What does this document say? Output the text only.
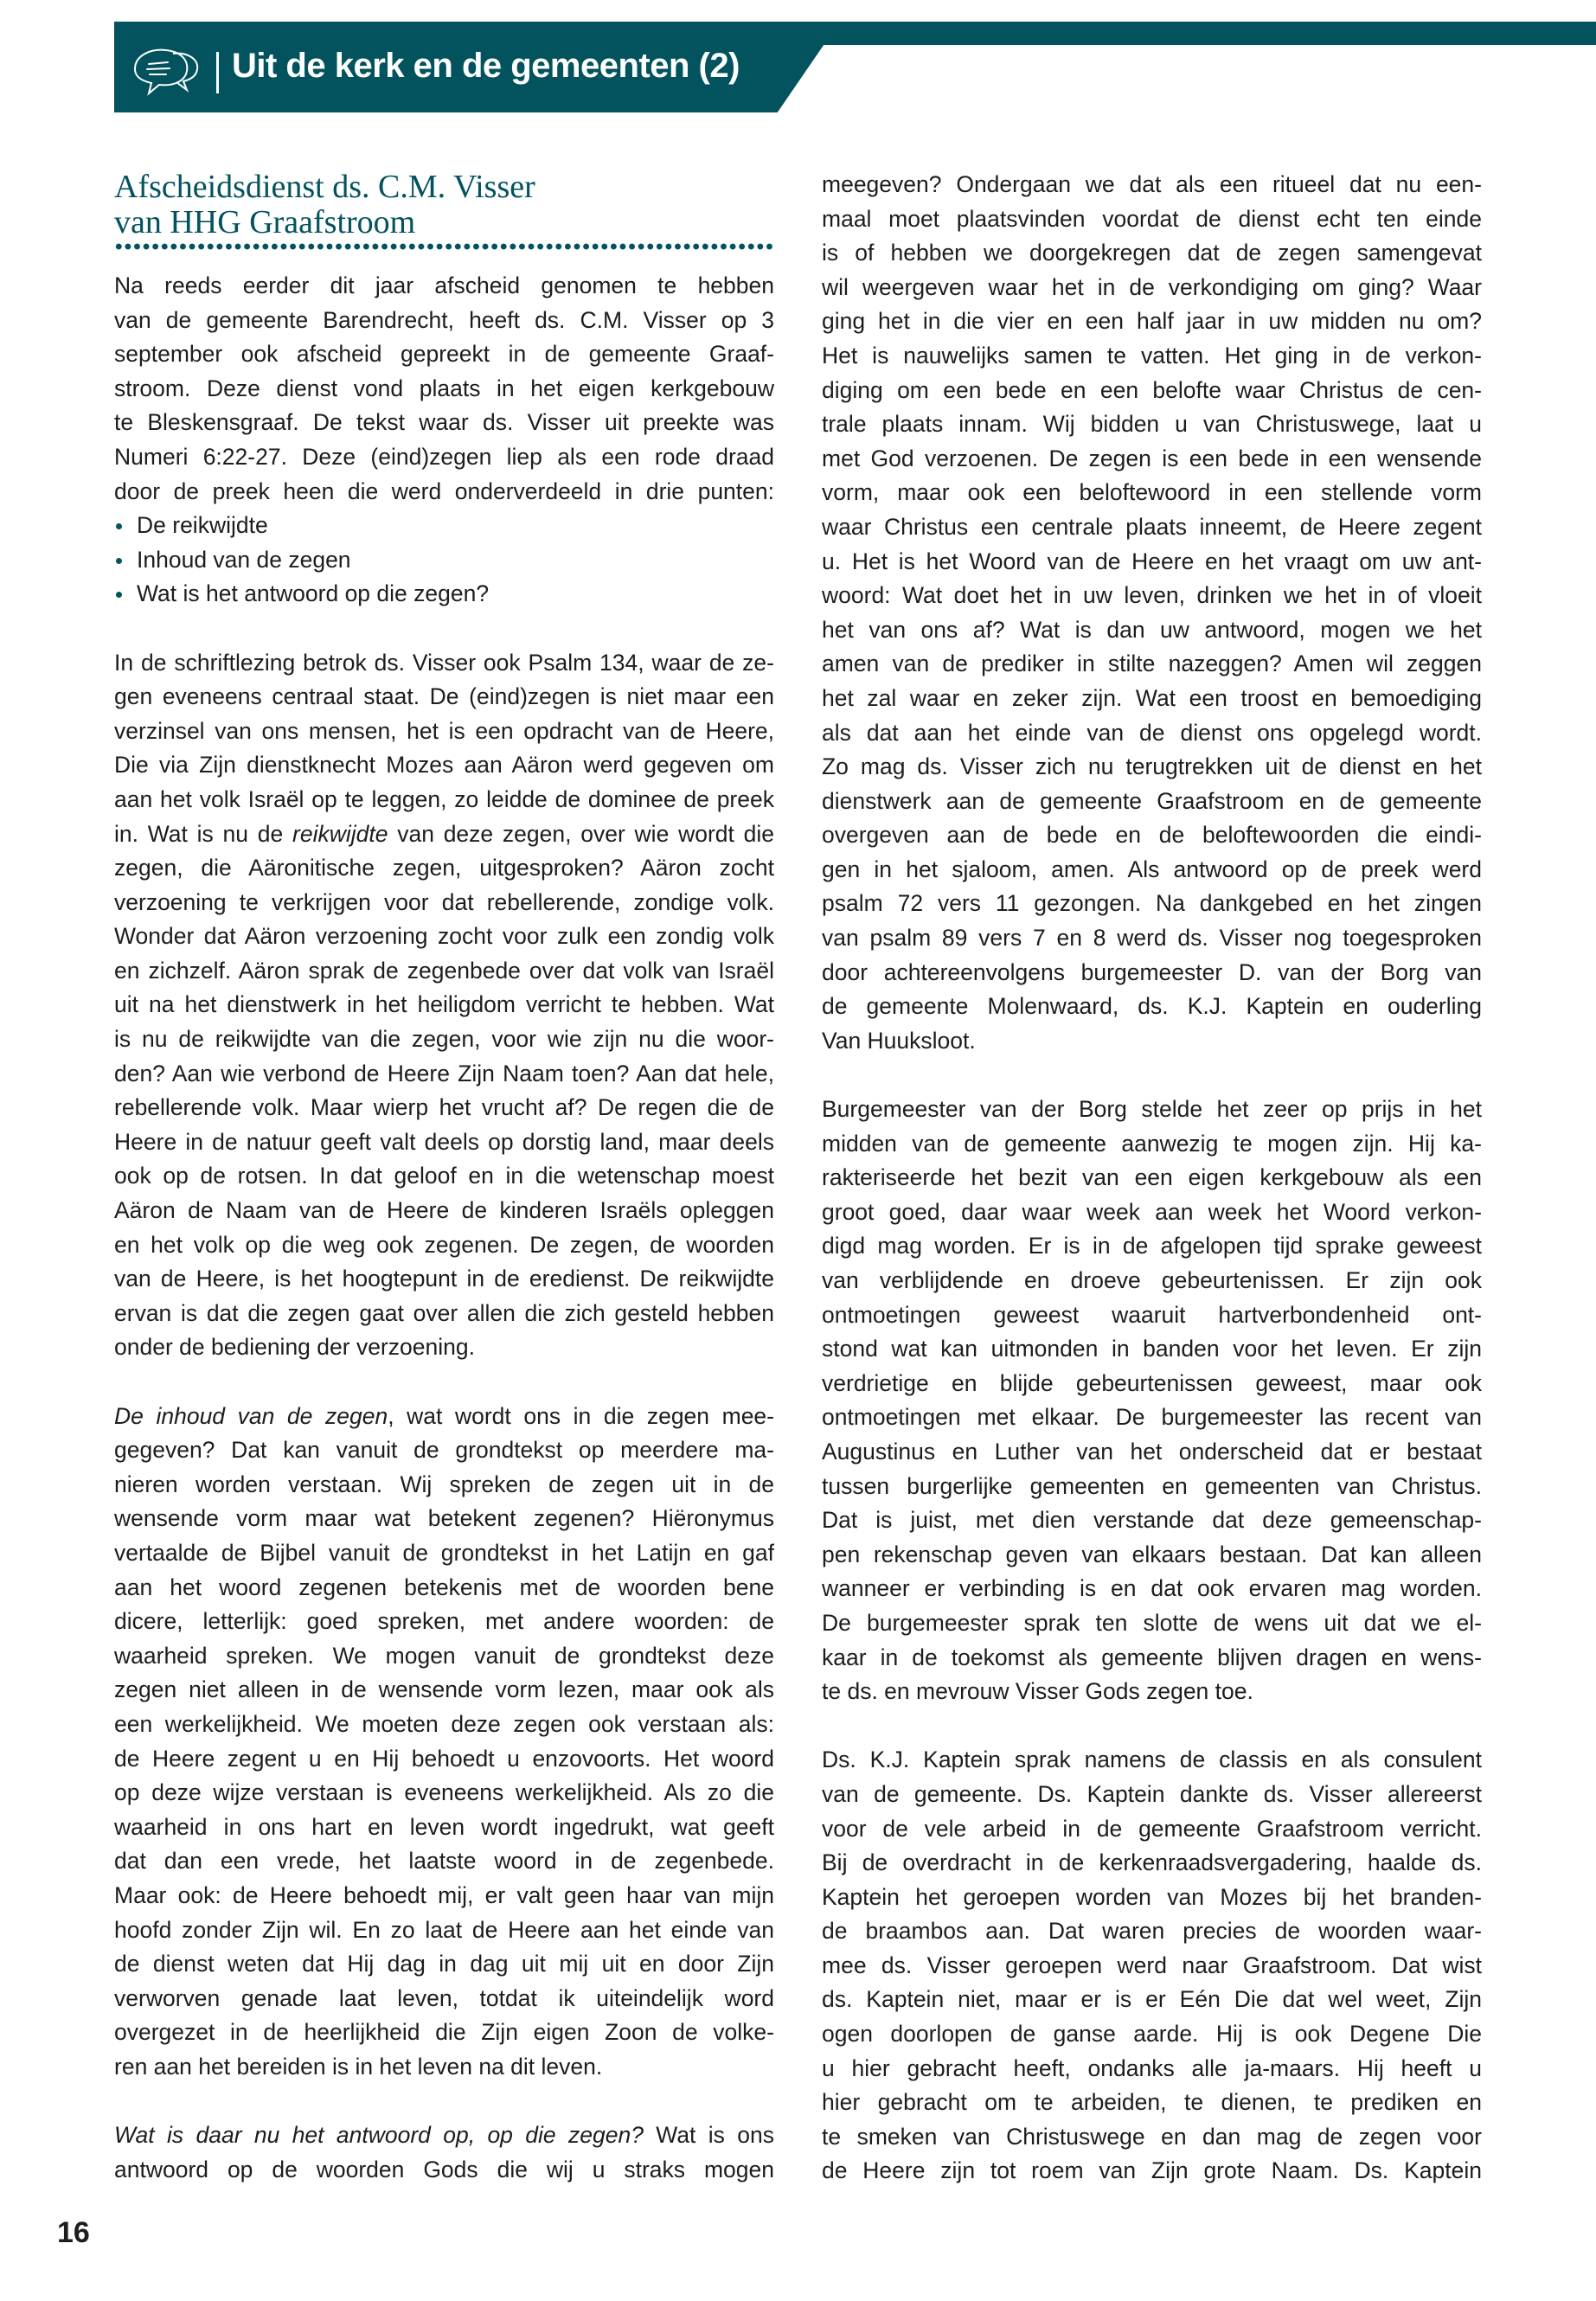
Uit de kerk en de gemeenten (2)
Afscheidsdienst ds. C.M. Visser
van HHG Graafstroom
Na reeds eerder dit jaar afscheid genomen te hebben
van de gemeente Barendrecht, heeft ds. C.M. Visser op 3
september ook afscheid gepreekt in de gemeente Graaf-
stroom. Deze dienst vond plaats in het eigen kerkgebouw
te Bleskensgraaf. De tekst waar ds. Visser uit preekte was
Numeri 6:22-27. Deze (eind)zegen liep als een rode draad
door de preek heen die werd onderverdeeld in drie punten:
De reikwijdte
Inhoud van de zegen
Wat is het antwoord op die zegen?
In de schriftlezing betrok ds. Visser ook Psalm 134, waar de ze-
gen eveneens centraal staat. De (eind)zegen is niet maar een
verzinsel van ons mensen, het is een opdracht van de Heere,
Die via Zijn dienstknecht Mozes aan Aäron werd gegeven om
aan het volk Israël op te leggen, zo leidde de dominee de preek
in. Wat is nu de reikwijdte van deze zegen, over wie wordt die
zegen, die Aäronitische zegen, uitgesproken? Aäron zocht
verzoening te verkrijgen voor dat rebellerende, zondige volk.
Wonder dat Aäron verzoening zocht voor zulk een zondig volk
en zichzelf. Aäron sprak de zegenbede over dat volk van Israël
uit na het dienstwerk in het heiligdom verricht te hebben. Wat
is nu de reikwijdte van die zegen, voor wie zijn nu die woor-
den? Aan wie verbond de Heere Zijn Naam toen? Aan dat hele,
rebellerende volk. Maar wierp het vrucht af? De regen die de
Heere in de natuur geeft valt deels op dorstig land, maar deels
ook op de rotsen. In dat geloof en in die wetenschap moest
Aäron de Naam van de Heere de kinderen Israëls opleggen
en het volk op die weg ook zegenen. De zegen, de woorden
van de Heere, is het hoogtepunt in de eredienst. De reikwijdte
ervan is dat die zegen gaat over allen die zich gesteld hebben
onder de bediening der verzoening.
De inhoud van de zegen, wat wordt ons in die zegen mee-
gegeven? Dat kan vanuit de grondtekst op meerdere ma-
nieren worden verstaan. Wij spreken de zegen uit in de
wensende vorm maar wat betekent zegenen? Hiëronymus
vertaalde de Bijbel vanuit de grondtekst in het Latijn en gaf
aan het woord zegenen betekenis met de woorden bene
dicere, letterlijk: goed spreken, met andere woorden: de
waarheid spreken. We mogen vanuit de grondtekst deze
zegen niet alleen in de wensende vorm lezen, maar ook als
een werkelijkheid. We moeten deze zegen ook verstaan als:
de Heere zegent u en Hij behoedt u enzovoorts. Het woord
op deze wijze verstaan is eveneens werkelijkheid. Als zo die
waarheid in ons hart en leven wordt ingedrukt, wat geeft
dat dan een vrede, het laatste woord in de zegenbede.
Maar ook: de Heere behoedt mij, er valt geen haar van mijn
hoofd zonder Zijn wil. En zo laat de Heere aan het einde van
de dienst weten dat Hij dag in dag uit mij uit en door Zijn
verworven genade laat leven, totdat ik uiteindelijk word
overgezet in de heerlijkheid die Zijn eigen Zoon de volke-
ren aan het bereiden is in het leven na dit leven.
Wat is daar nu het antwoord op, op die zegen? Wat is ons
antwoord op de woorden Gods die wij u straks mogen
meegeven? Ondergaan we dat als een ritueel dat nu een-
maal moet plaatsvinden voordat de dienst echt ten einde
is of hebben we doorgekregen dat de zegen samengevat
wil weergeven waar het in de verkondiging om ging? Waar
ging het in die vier en een half jaar in uw midden nu om?
Het is nauwelijks samen te vatten. Het ging in de verkon-
diging om een bede en een belofte waar Christus de cen-
trale plaats innam. Wij bidden u van Christuswege, laat u
met God verzoenen. De zegen is een bede in een wensende
vorm, maar ook een beloftewoord in een stellende vorm
waar Christus een centrale plaats inneemt, de Heere zegent
u. Het is het Woord van de Heere en het vraagt om uw ant-
woord: Wat doet het in uw leven, drinken we het in of vloeit
het van ons af? Wat is dan uw antwoord, mogen we het
amen van de prediker in stilte nazeggen? Amen wil zeggen
het zal waar en zeker zijn. Wat een troost en bemoediging
als dat aan het einde van de dienst ons opgelegd wordt.
Zo mag ds. Visser zich nu terugtrekken uit de dienst en het
dienstwerk aan de gemeente Graafstroom en de gemeente
overgeven aan de bede en de beloftewoorden die eindi-
gen in het sjaloom, amen. Als antwoord op de preek werd
psalm 72 vers 11 gezongen. Na dankgebed en het zingen
van psalm 89 vers 7 en 8 werd ds. Visser nog toegesproken
door achtereenvolgens burgemeester D. van der Borg van
de gemeente Molenwaard, ds. K.J. Kaptein en ouderling
Van Huuksloot.
Burgemeester van der Borg stelde het zeer op prijs in het
midden van de gemeente aanwezig te mogen zijn. Hij ka-
rakteriseerde het bezit van een eigen kerkgebouw als een
groot goed, daar waar week aan week het Woord verkon-
digd mag worden. Er is in de afgelopen tijd sprake geweest
van verblijdende en droeve gebeurtenissen. Er zijn ook
ontmoetingen geweest waaruit hartverbondenheid ont-
stond wat kan uitmonden in banden voor het leven. Er zijn
verdrietige en blijde gebeurtenissen geweest, maar ook
ontmoetingen met elkaar. De burgemeester las recent van
Augustinus en Luther van het onderscheid dat er bestaat
tussen burgerlijke gemeenten en gemeenten van Christus.
Dat is juist, met dien verstande dat deze gemeenschap-
pen rekenschap geven van elkaars bestaan. Dat kan alleen
wanneer er verbinding is en dat ook ervaren mag worden.
De burgemeester sprak ten slotte de wens uit dat we el-
kaar in de toekomst als gemeente blijven dragen en wens-
te ds. en mevrouw Visser Gods zegen toe.
Ds. K.J. Kaptein sprak namens de classis en als consulent
van de gemeente. Ds. Kaptein dankte ds. Visser allereerst
voor de vele arbeid in de gemeente Graafstroom verricht.
Bij de overdracht in de kerkenraadsvergadering, haalde ds.
Kaptein het geroepen worden van Mozes bij het branden-
de braambos aan. Dat waren precies de woorden waar-
mee ds. Visser geroepen werd naar Graafstroom. Dat wist
ds. Kaptein niet, maar er is er Eén Die dat wel weet, Zijn
ogen doorlopen de ganse aarde. Hij is ook Degene Die
u hier gebracht heeft, ondanks alle ja-maars. Hij heeft u
hier gebracht om te arbeiden, te dienen, te prediken en
te smeken van Christuswege en dan mag de zegen voor
de Heere zijn tot roem van Zijn grote Naam. Ds. Kaptein
16
